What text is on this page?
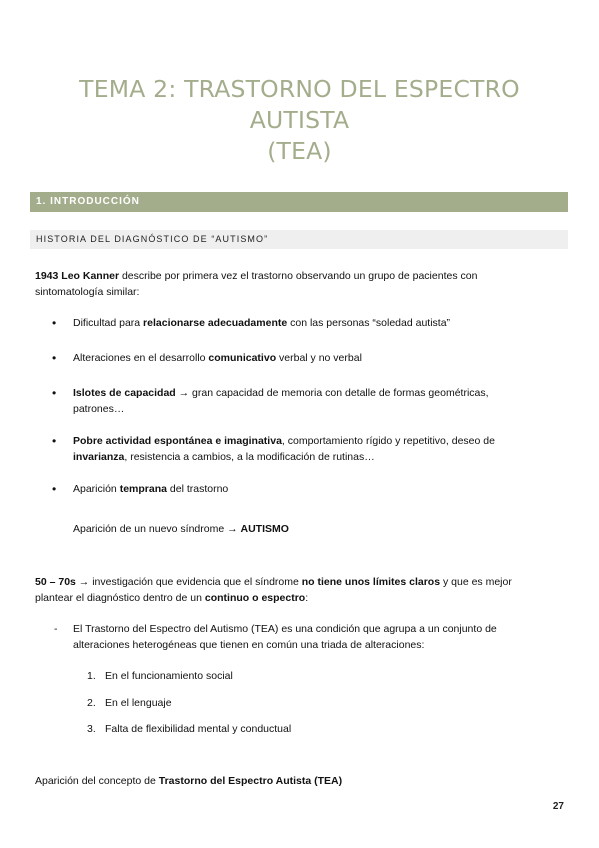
TEMA 2: TRASTORNO DEL ESPECTRO AUTISTA
(TEA)
1. INTRODUCCIÓN
HISTORIA DEL DIAGNÓSTICO DE “AUTISMO”
1943 Leo Kanner describe por primera vez el trastorno observando un grupo de pacientes con
sintomatología similar:
• Dificultad para relacionarse adecuadamente con las personas “soledad autista”
• Alteraciones en el desarrollo comunicativo verbal y no verbal
• Islotes de capacidad → gran capacidad de memoria con detalle de formas geométricas,
patrones…
• Pobre actividad espontánea e imaginativa, comportamiento rígido y repetitivo, deseo de
invarianza, resistencia a cambios, a la modificación de rutinas…
• Aparición temprana del trastorno
Aparición de un nuevo síndrome → AUTISMO
50 – 70s → investigación que evidencia que el síndrome no tiene unos límites claros y que es mejor
plantear el diagnóstico dentro de un continuo o espectro:
- El Trastorno del Espectro del Autismo (TEA) es una condición que agrupa a un conjunto de
alteraciones heterogéneas que tienen en común una triada de alteraciones:
1. En el funcionamiento social
2. En el lenguaje
3. Falta de flexibilidad mental y conductual
Aparición del concepto de Trastorno del Espectro Autista (TEA)
27
